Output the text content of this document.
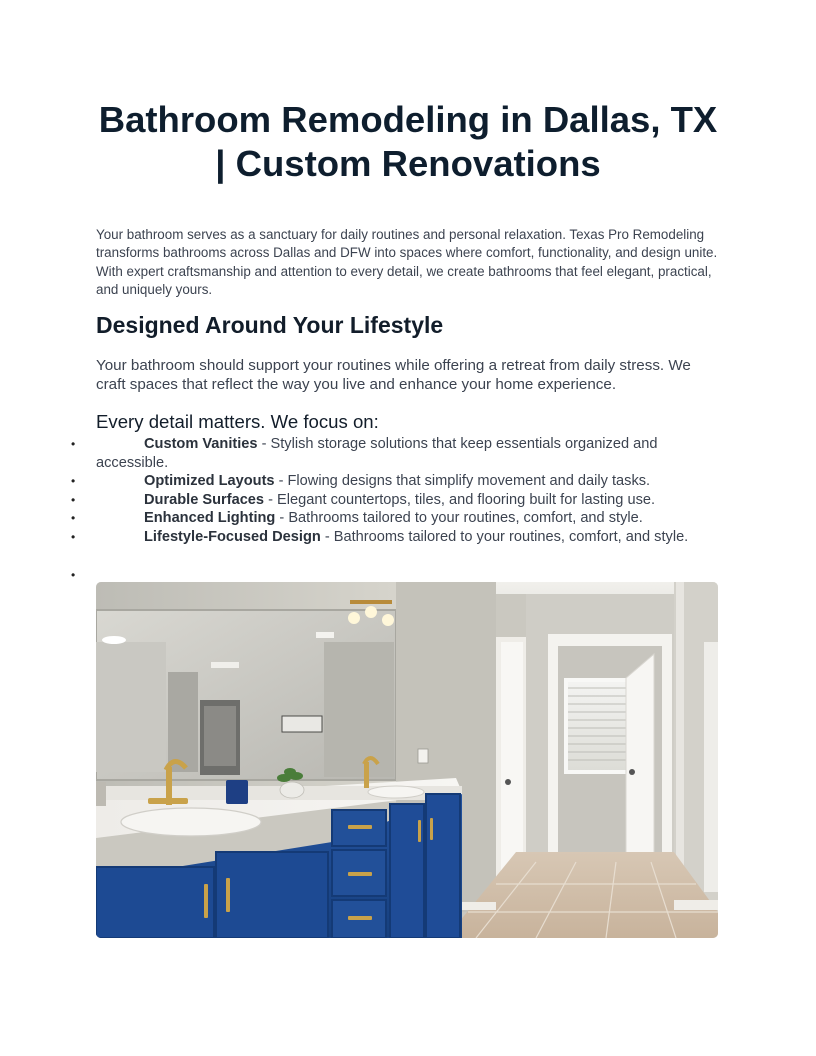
Bathroom Remodeling in Dallas, TX | Custom Renovations

Your bathroom serves as a sanctuary for daily routines and personal relaxation. Texas Pro Remodeling transforms bathrooms across Dallas and DFW into spaces where comfort, functionality, and design unite. With expert craftsmanship and attention to every detail, we create bathrooms that feel elegant, practical, and uniquely yours.

Designed Around Your Lifestyle

Your bathroom should support your routines while offering a retreat from daily stress. We craft spaces that reflect the way you live and enhance your home experience.

Every detail matters. We focus on:

•	Custom Vanities - Stylish storage solutions that keep essentials organized and accessible.
•	Optimized Layouts - Flowing designs that simplify movement and daily tasks.
•	Durable Surfaces - Elegant countertops, tiles, and flooring built for lasting use.
•	Enhanced Lighting - Bathrooms tailored to your routines, comfort, and style.
•	Lifestyle-Focused Design - Bathrooms tailored to your routines, comfort, and style.
•
